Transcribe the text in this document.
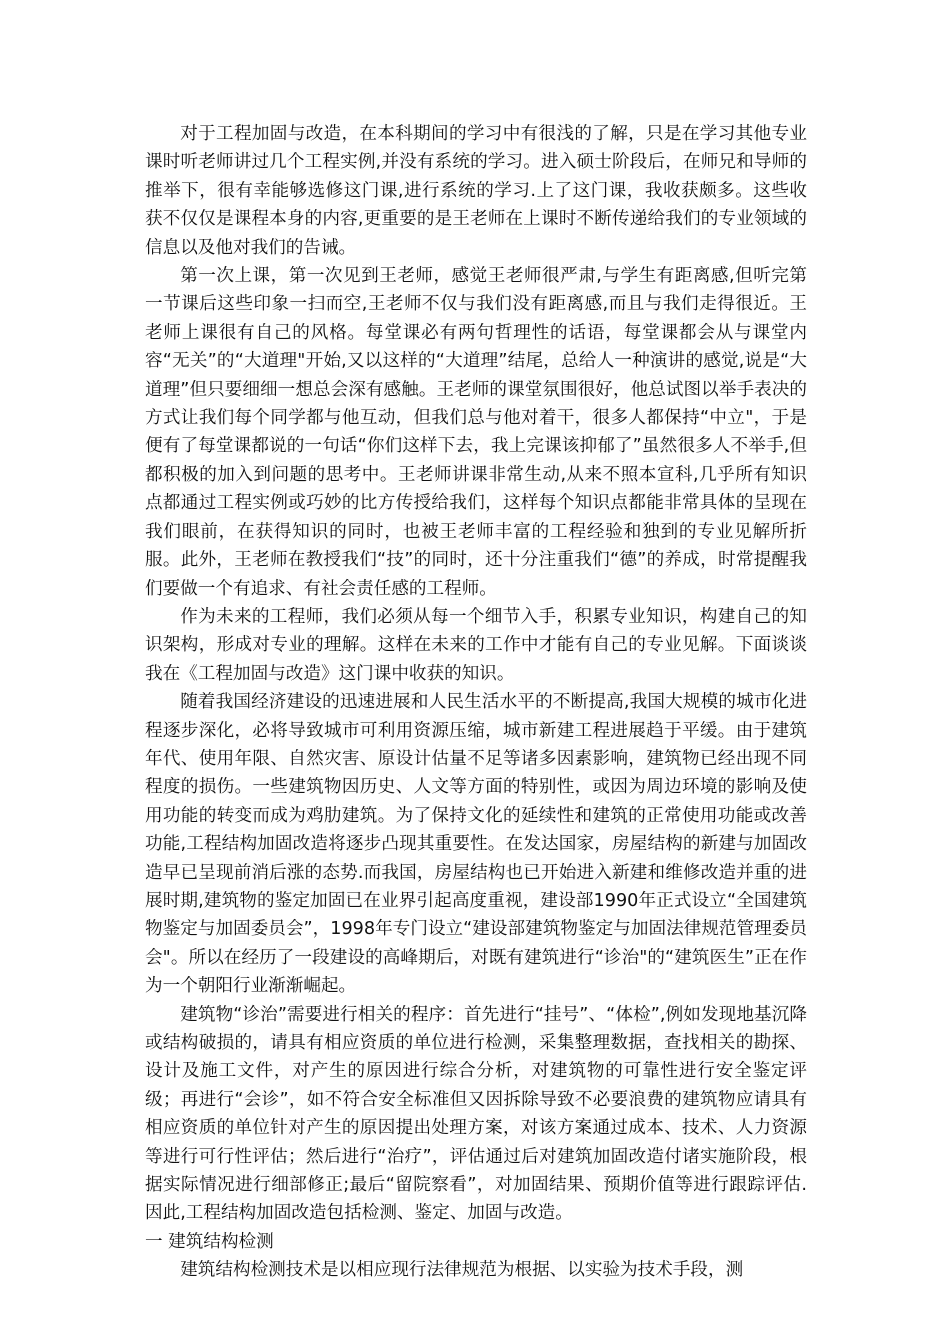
对于工程加固与改造，在本科期间的学习中有很浅的了解，只是在学习其他专业课时听老师讲过几个工程实例,并没有系统的学习。进入硕士阶段后，在师兄和导师的推举下，很有幸能够选修这门课,进行系统的学习.上了这门课，我收获颇多。这些收获不仅仅是课程本身的内容,更重要的是王老师在上课时不断传递给我们的专业领域的信息以及他对我们的告诫。

第一次上课，第一次见到王老师，感觉王老师很严肃,与学生有距离感,但听完第一节课后这些印象一扫而空,王老师不仅与我们没有距离感,而且与我们走得很近。王老师上课很有自己的风格。每堂课必有两句哲理性的话语，每堂课都会从与课堂内容“无关”的“大道理"开始,又以这样的“大道理”结尾，总给人一种演讲的感觉,说是“大道理”但只要细细一想总会深有感触。王老师的课堂氛围很好，他总试图以举手表决的方式让我们每个同学都与他互动，但我们总与他对着干，很多人都保持“中立"，于是便有了每堂课都说的一句话“你们这样下去，我上完课该抑郁了”虽然很多人不举手,但都积极的加入到问题的思考中。王老师讲课非常生动,从来不照本宣科,几乎所有知识点都通过工程实例或巧妙的比方传授给我们，这样每个知识点都能非常具体的呈现在我们眼前，在获得知识的同时，也被王老师丰富的工程经验和独到的专业见解所折服。此外，王老师在教授我们“技”的同时，还十分注重我们“德”的养成，时常提醒我们要做一个有追求、有社会责任感的工程师。

作为未来的工程师，我们必须从每一个细节入手，积累专业知识，构建自己的知识架构，形成对专业的理解。这样在未来的工作中才能有自己的专业见解。下面谈谈我在《工程加固与改造》这门课中收获的知识。

随着我国经济建设的迅速进展和人民生活水平的不断提高,我国大规模的城市化进程逐步深化，必将导致城市可利用资源压缩，城市新建工程进展趋于平缓。由于建筑年代、使用年限、自然灾害、原设计估量不足等诸多因素影响，建筑物已经出现不同程度的损伤。一些建筑物因历史、人文等方面的特别性，或因为周边环境的影响及使用功能的转变而成为鸡肋建筑。为了保持文化的延续性和建筑的正常使用功能或改善功能,工程结构加固改造将逐步凸现其重要性。在发达国家，房屋结构的新建与加固改造早已呈现前消后涨的态势.而我国，房屋结构也已开始进入新建和维修改造并重的进展时期,建筑物的鉴定加固已在业界引起高度重视，建设部1990年正式设立“全国建筑物鉴定与加固委员会”，1998年专门设立“建设部建筑物鉴定与加固法律规范管理委员会"。所以在经历了一段建设的高峰期后，对既有建筑进行“诊治"的“建筑医生”正在作为一个朝阳行业渐渐崛起。

建筑物“诊治”需要进行相关的程序：首先进行“挂号”、“体检”,例如发现地基沉降或结构破损的，请具有相应资质的单位进行检测，采集整理数据，查找相关的勘探、设计及施工文件，对产生的原因进行综合分析，对建筑物的可靠性进行安全鉴定评级；再进行“会诊”，如不符合安全标准但又因拆除导致不必要浪费的建筑物应请具有相应资质的单位针对产生的原因提出处理方案，对该方案通过成本、技术、人力资源等进行可行性评估；然后进行“治疗”，评估通过后对建筑加固改造付诸实施阶段，根据实际情况进行细部修正;最后“留院察看”，对加固结果、预期价值等进行跟踪评估.因此,工程结构加固改造包括检测、鉴定、加固与改造。

一 建筑结构检测

建筑结构检测技术是以相应现行法律规范为根据、以实验为技术手段，测
